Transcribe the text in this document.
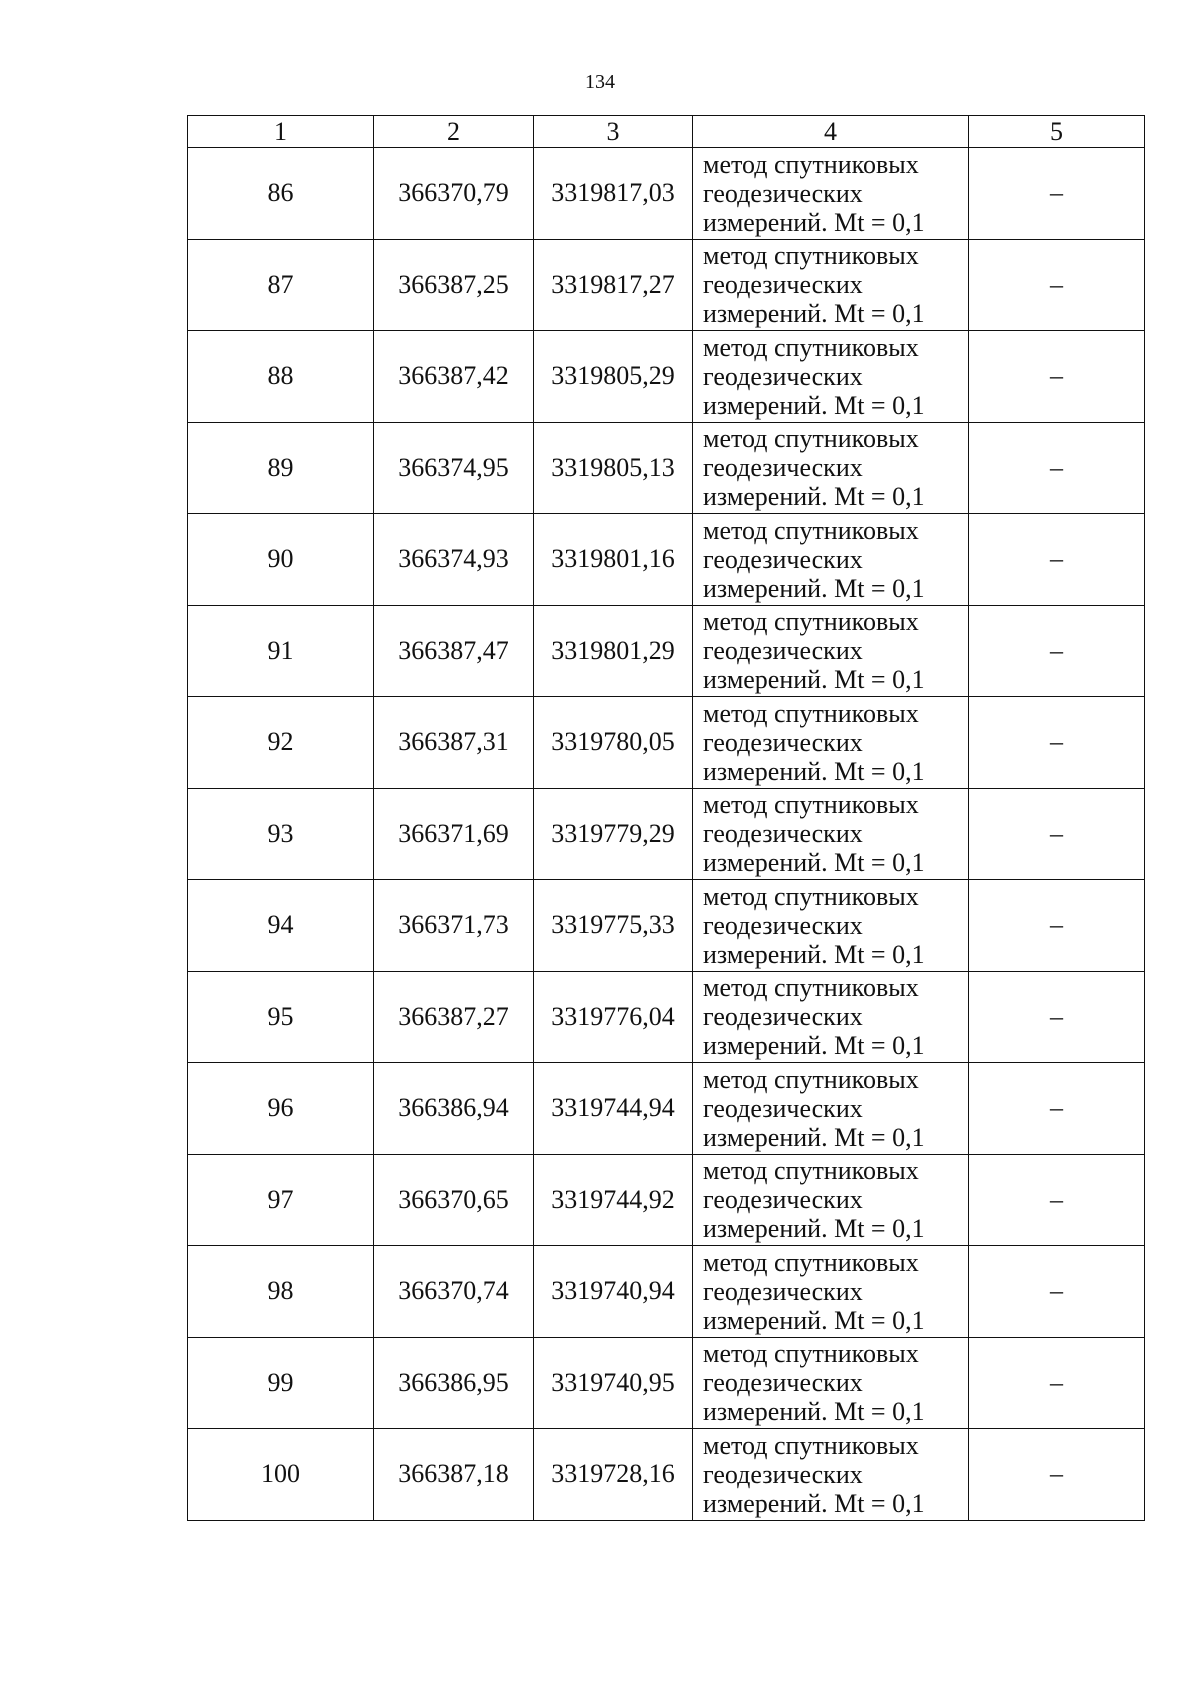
134
1	2	3	4	5
86	366370,79	3319817,03	метод спутниковых
геодезических
измерений. Mt = 0,1	–
87	366387,25	3319817,27	метод спутниковых
геодезических
измерений. Mt = 0,1	–
88	366387,42	3319805,29	метод спутниковых
геодезических
измерений. Mt = 0,1	–
89	366374,95	3319805,13	метод спутниковых
геодезических
измерений. Mt = 0,1	–
90	366374,93	3319801,16	метод спутниковых
геодезических
измерений. Mt = 0,1	–
91	366387,47	3319801,29	метод спутниковых
геодезических
измерений. Mt = 0,1	–
92	366387,31	3319780,05	метод спутниковых
геодезических
измерений. Mt = 0,1	–
93	366371,69	3319779,29	метод спутниковых
геодезических
измерений. Mt = 0,1	–
94	366371,73	3319775,33	метод спутниковых
геодезических
измерений. Mt = 0,1	–
95	366387,27	3319776,04	метод спутниковых
геодезических
измерений. Mt = 0,1	–
96	366386,94	3319744,94	метод спутниковых
геодезических
измерений. Mt = 0,1	–
97	366370,65	3319744,92	метод спутниковых
геодезических
измерений. Mt = 0,1	–
98	366370,74	3319740,94	метод спутниковых
геодезических
измерений. Mt = 0,1	–
99	366386,95	3319740,95	метод спутниковых
геодезических
измерений. Mt = 0,1	–
100	366387,18	3319728,16	метод спутниковых
геодезических
измерений. Mt = 0,1	–
